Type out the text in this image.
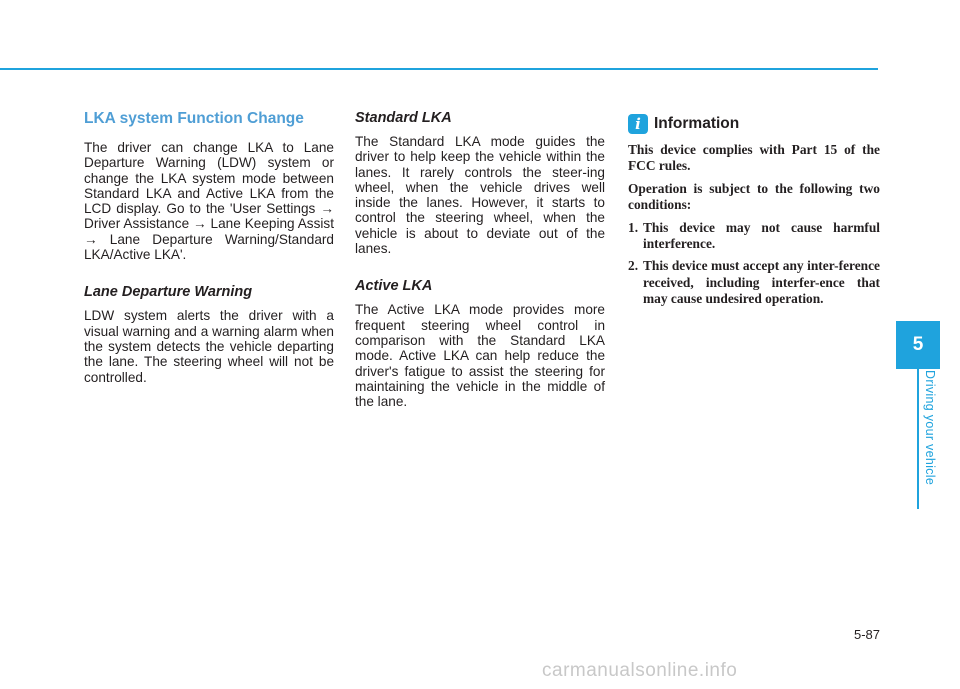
LKA system Function Change

The driver can change LKA to Lane Departure Warning (LDW) system or change the LKA system mode between Standard LKA and Active LKA from the LCD display. Go to the 'User Settings → Driver Assistance → Lane Keeping Assist → Lane Departure Warning/Standard LKA/Active LKA'.

Lane Departure Warning

LDW system alerts the driver with a visual warning and a warning alarm when the system detects the vehicle departing the lane. The steering wheel will not be controlled.

Standard LKA

The Standard LKA mode guides the driver to help keep the vehicle within the lanes. It rarely controls the steer-ing wheel, when the vehicle drives well inside the lanes. However, it starts to control the steering wheel, when the vehicle is about to deviate out of the lanes.

Active LKA

The Active LKA mode provides more frequent steering wheel control in comparison with the Standard LKA mode. Active LKA can help reduce the driver's fatigue to assist the steering for maintaining the vehicle in the middle of the lane.

i Information

This device complies with Part 15 of the FCC rules.

Operation is subject to the following two conditions:

1. This device may not cause harmful interference.
2. This device must accept any inter-ference received, including interfer-ence that may cause undesired operation.
5
Driving your vehicle
5-87
carmanualsonline.info
